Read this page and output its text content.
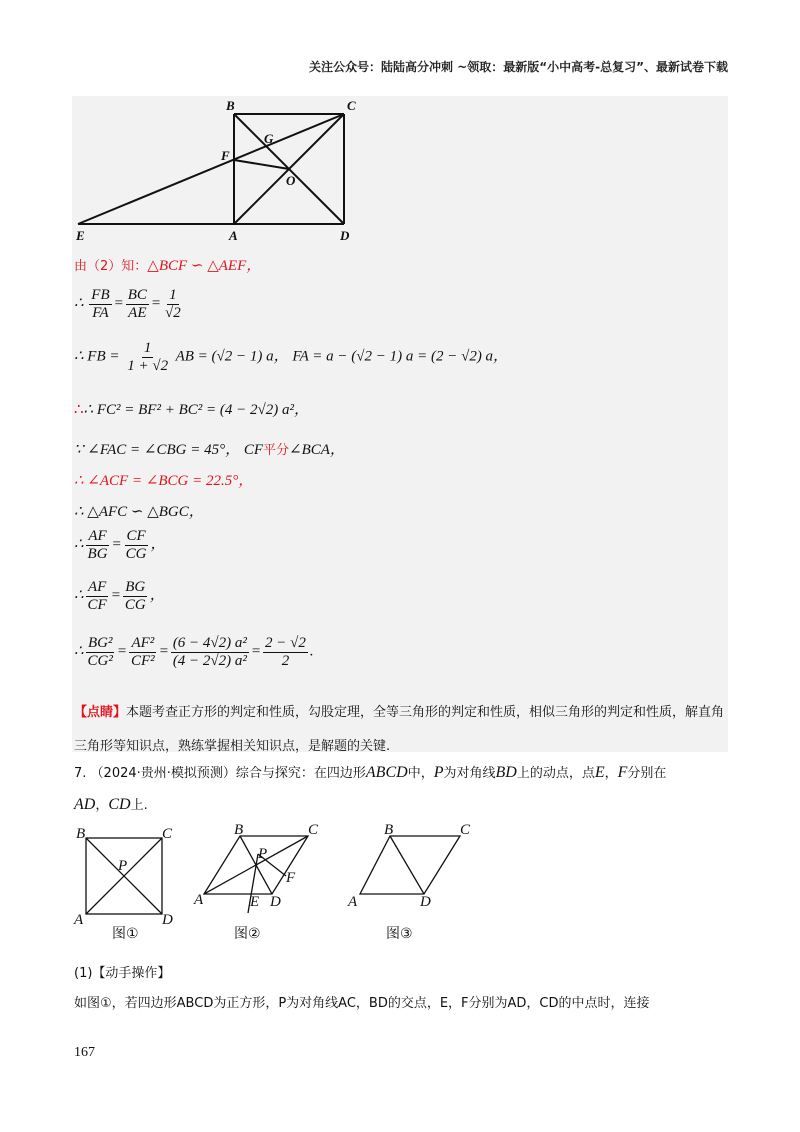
关注公众号：陆陆高分冲刺 ~领取：最新版“小中高考-总复习”、最新试卷下载
B	C
G
F
O
E	A	D
由（2）知：△BCF ∽ △AEF，
∴ $\frac{FB}{FA} = \frac{BC}{AE} = \frac{1}{√2}$
∴ FB = $\frac{1}{1 + √2}$ AB = (√2 − 1) a， FA = a − (√2 − 1) a = (2 − √2) a，
∴∴ FC² = BF² + BC² = (4 − 2√2) a²，
∵ ∠FAC = ∠CBG = 45°， CF平分∠BCA，
∴ ∠ACF = ∠BCG = 22.5°，
∴ △AFC ∽ △BGC，
∴ $\frac{AF}{BG} = \frac{CF}{CG}$ ，
∴ $\frac{AF}{CF} = \frac{BG}{CG}$ ，
∴ $\frac{\text{BG²}}{\text{CG²}} = \frac{\text{AF²}}{\text{CF²}} = \frac{\text{(6 − 4√2) a²}}{\text{(4 − 2√2) a²}} = \frac{2 - √2}{2}$ .
【点睛】本题考查正方形的判定和性质，勾股定理，全等三角形的判定和性质，相似三角形的判定和性质，解直角三角形等知识点，熟练掌握相关知识点，是解题的关键.
7. （2024·贵州·模拟预测）综合与探究：在四边形ABCD中，P为对角线BD上的动点，点E，F分别在
AD，CD上.
B	C
P
A	D
B	C
P
F
A	E D
B	C
A	D
图①	图②	图③
(1)【动手操作】
如图①，若四边形ABCD为正方形，P为对角线AC，BD的交点，E，F分别为AD，CD的中点时，连接
167
